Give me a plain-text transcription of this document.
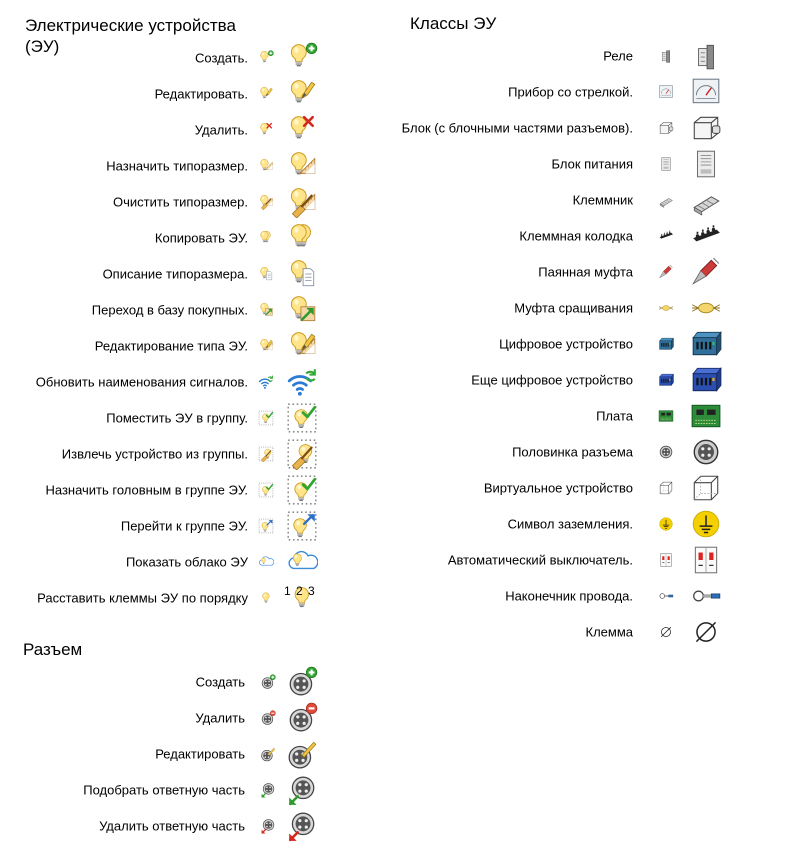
Электрические устройства (ЭУ)
Создать.
Редактировать.
Удалить.
Назначить типоразмер.
Очистить типоразмер.
Копировать ЭУ.
Описание типоразмера.
Переход в базу покупных.
Редактирование типа ЭУ.
Обновить наименования сигналов.
Поместить ЭУ в группу.
Извлечь устройство из группы.
Назначить головным в группе ЭУ.
Перейти к группе ЭУ.
Показать облако ЭУ
Расставить клеммы ЭУ по порядку	1 2 3
Разъем
Создать
Удалить
Редактировать
Подобрать ответную часть
Удалить ответную часть
Классы ЭУ
Реле
Прибор со стрелкой.
Блок (с блочными частями разъемов).
Блок питания
Клеммник
Клеммная колодка
Паянная муфта
Муфта сращивания
Цифровое устройство
Еще цифровое устройство
Плата
Половинка разъема
Виртуальное устройство
Символ заземления.
Автоматический выключатель.
Наконечник провода.
Клемма
